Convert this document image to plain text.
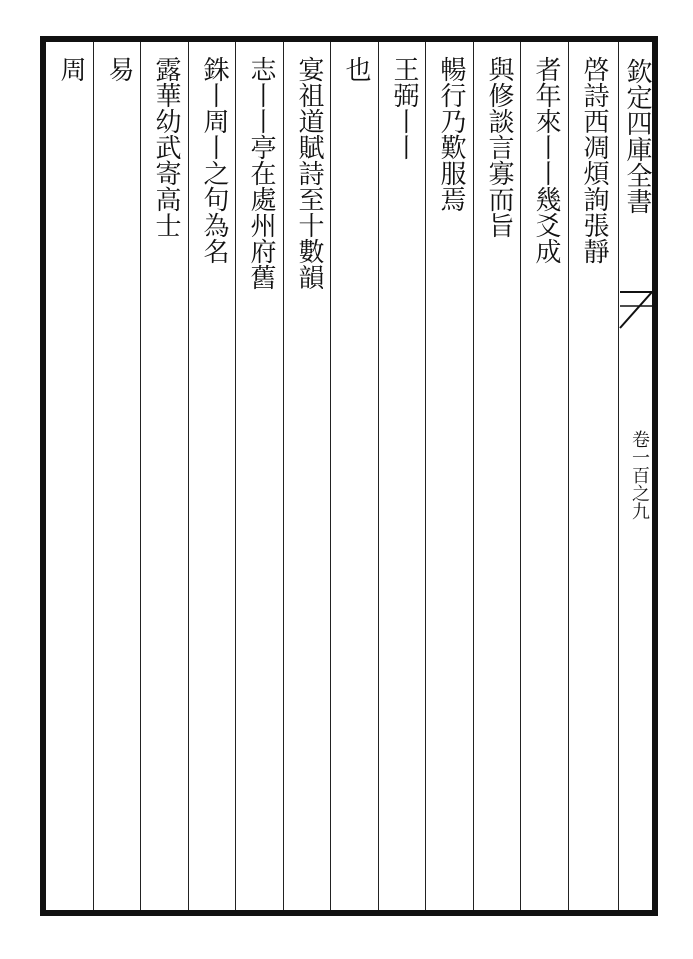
欽定四庫全書
卷一百之九
啓詩西凋煩詢張靜
者年來丨丨幾爻成
與修談言寡而旨
暢行乃歎服焉
王弼丨丨
也
宴祖道賦詩至十數韻
志丨丨亭在處州府舊
銖丨周丨之句為名
露華幼武寄高士
易
周
